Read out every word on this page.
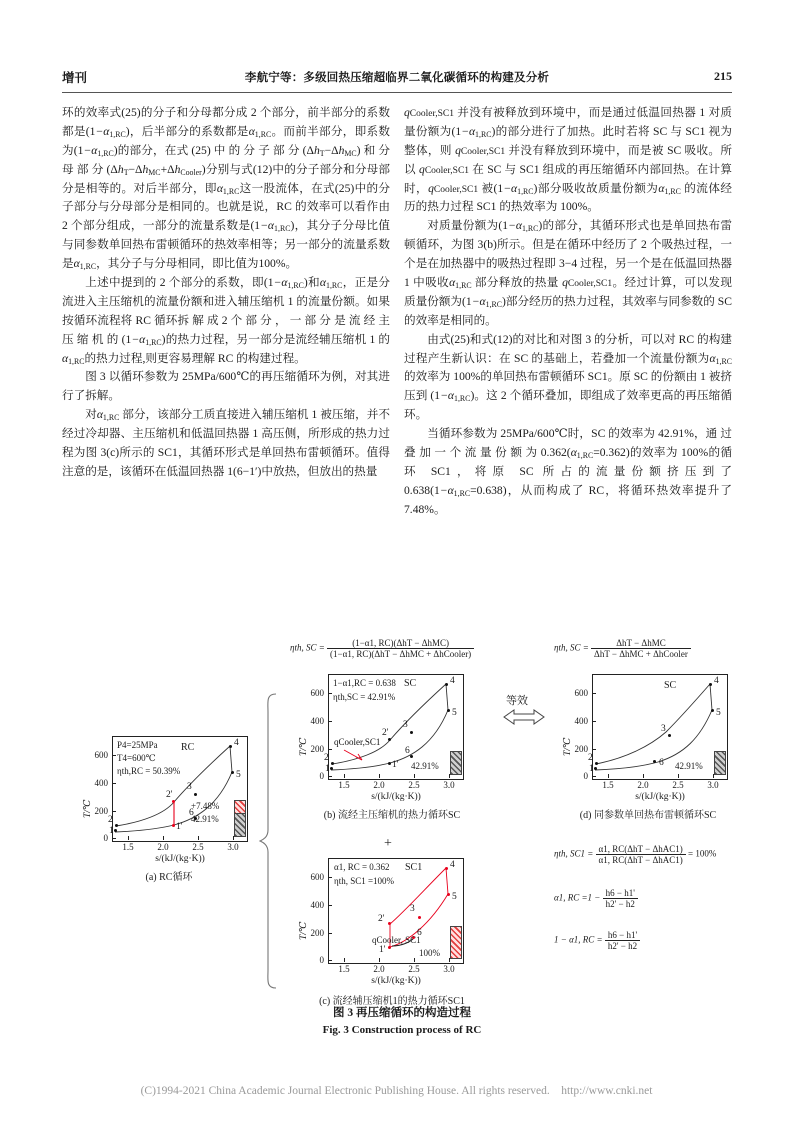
增刊	李航宁等：多级回热压缩超临界二氧化碳循环的构建及分析	215

环的效率式(25)的分子和分母都分成 2 个部分，前半部分的系数都是$(1-\alpha_{1,RC})$，后半部分的系数都是$\alpha_{1,RC}$。而前半部分，即系数为$(1-\alpha_{1,RC})$的部分，在式 (25) 中 的 分 子 部 分 $(\Delta h_T-\Delta h_{MC})$ 和 分 母 部 分 $(\Delta h_T-\Delta h_{MC}+\Delta h_{Cooler})$分别与式(12)中的分子部分和分母部分是相等的。对后半部分，即$\alpha_{1,RC}$这一股流体，在式(25)中的分子部分与分母部分是相同的。也就是说，RC 的效率可以看作由 2 个部分组成，一部分的流量系数是$(1-\alpha_{1,RC})$，其分子分母比值与同参数单回热布雷顿循环的热效率相等；另一部分的流量系数是$\alpha_{1,RC}$，其分子与分母相同，即比值为100%。

上述中提到的 2 个部分的系数，即$(1-\alpha_{1,RC})$和$\alpha_{1,RC}$，正是分流进入主压缩机的流量份额和进入辅压缩机 1 的流量份额。如果按循环流程将 RC 循环拆 解 成 2 个 部 分 ， 一 部 分 是 流 经 主 压 缩 机 的 $(1-\alpha_{1,RC})$的热力过程，另一部分是流经辅压缩机 1 的$\alpha_{1,RC}$的热力过程,则更容易理解 RC 的构建过程。

图 3 以循环参数为 25MPa/600℃的再压缩循环为例，对其进行了拆解。

对$\alpha_{1,RC}$ 部分，该部分工质直接进入辅压缩机 1 被压缩，并不经过冷却器、主压缩机和低温回热器 1 高压侧，所形成的热力过程为图 3(c)所示的 SC1，其循环形式是单回热布雷顿循环。值得注意的是，该循环在低温回热器 1(6−1′)中放热，但放出的热量

qCooler,SC1 并没有被释放到环境中，而是通过低温回热器 1 对质量份额为$(1-\alpha_{1,RC})$的部分进行了加热。此时若将 SC 与 SC1 视为整体，则 qCooler,SC1 并没有释放到环境中，而是被 SC 吸收。所以 qCooler,SC1 在 SC 与 SC1 组成的再压缩循环内部回热。在计算时，qCooler,SC1 被$(1-\alpha_{1,RC})$部分吸收故质量份额为$\alpha_{1,RC}$ 的流体经历的热力过程 SC1 的热效率为 100%。

对质量份额为$(1-\alpha_{1,RC})$的部分，其循环形式也是单回热布雷顿循环，为图 3(b)所示。但是在循环中经历了 2 个吸热过程，一个是在加热器中的吸热过程即 3−4 过程，另一个是在低温回热器 1 中吸收$\alpha_{1,RC}$ 部分释放的热量 qCooler,SC1。经过计算，可以发现质量份额为$(1-\alpha_{1,RC})$部分经历的热力过程，其效率与同参数的 SC 的效率是相同的。

由式(25)和式(12)的对比和对图 3 的分析，可以对 RC 的构建过程产生新认识：在 SC 的基础上，若叠加一个流量份额为$\alpha_{1,RC}$ 的效率为 100%的单回热布雷顿循环 SC1。原 SC 的份额由 1 被挤压到 $(1-\alpha_{1,RC})$。这 2 个循环叠加，即组成了效率更高的再压缩循环。

当循环参数为 25MPa/600℃时，SC 的效率为 42.91%，通 过 叠 加 一 个 流 量 份 额 为 $0.362(\alpha_{1,RC}=0.362)$的效率为 100%的循环 SC1，将原 SC 所占的流量份额挤压到了 $0.638(1-\alpha_{1,RC}=0.638)$，从而构成了 RC，将循环热效率提升了 7.48%。

T/℃
0
200
400
600
1.5	2.0	2.5	3.0
s/(kJ/(kg·K))
1
2
2'
1'
3
4
5
6
P4=25MPa
T4=600℃
ηth,RC = 50.39%
RC
+7.48%
42.91%
(a) RC循环
ηth, SC = $\frac{\text{(1−α1, RC)(ΔhT − ΔhMC)}}{\text{(1−α1, RC)(ΔhT − ΔhMC + ΔhCooler)}}$
T/℃
0
200
400
600
1.5	2.0	2.5	3.0
s/(kJ/(kg·K))
1
2
2'
1'
3
4
5
6
1−α1,RC = 0.638
ηth,SC = 42.91%
SC
qCooler,SC1
42.91%
(b) 流经主压缩机的热力循环SC
+
T/℃
0
200
400
600
1.5	2.0	2.5	3.0
s/(kJ/(kg·K))
1'
2'
3
4
5
6
α1, RC = 0.362
ηth, SC1 =100%
SC1
qCooler, SC1
100%
(c) 流经辅压缩机1的热力循环SC1
等效
ηth, SC = $\frac{\text{ΔhT − ΔhMC}}{\text{ΔhT − ΔhMC + ΔhCooler}}$
T/℃
0
200
400
600
1.5	2.0	2.5	3.0
s/(kJ/(kg·K))
1
2
3
4
5
6
SC
42.91%
(d) 同参数单回热布雷顿循环SC
ηth, $SC1 = \frac{\text{α1, RC(ΔhT − ΔhAC1)}}{\text{α1, RC(ΔhT − ΔhAC1)}} = 100\%$
α1, RC $=1 - \frac{h6 - h1'}{h2' - h2}$
1 − α1, RC = $\frac{h6 - h1'}{h2' - h2}$
图 3 再压缩循环的构造过程
Fig. 3 Construction process of RC
(C)1994-2021 China Academic Journal Electronic Publishing House. All rights reserved.　http://www.cnki.net
